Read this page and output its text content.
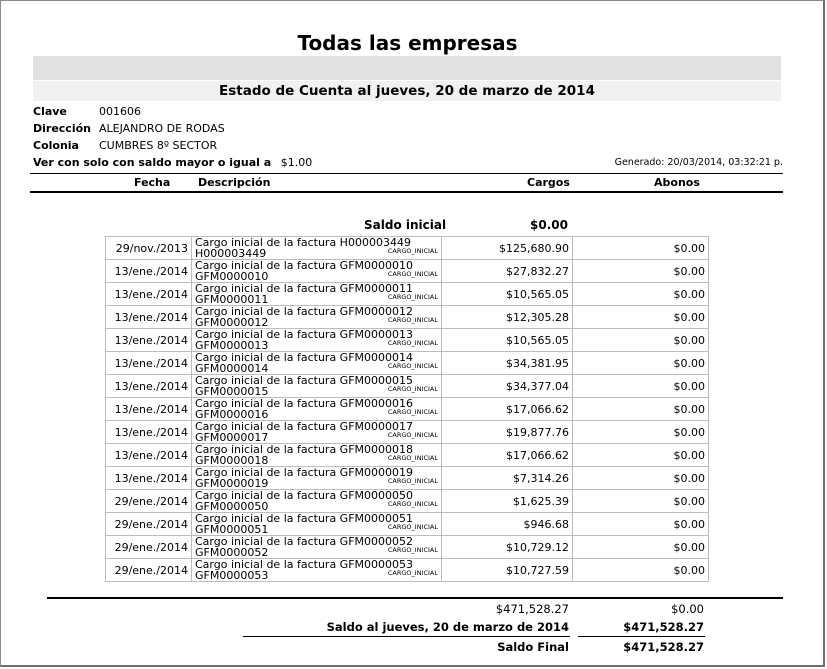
Todas las empresas
Estado de Cuenta al jueves, 20 de marzo de 2014
Clave	001606
Dirección ALEJANDRO DE RODAS
Colonia CUMBRES 8º SECTOR
Ver con solo con saldo mayor o igual a $1.00	Generado: 20/03/2014, 03:32:21 p.
Fecha	Descripción	Cargos	Abonos
Saldo inicial	$0.00
29/nov./2013	Cargo inicial de la factura H000003449
H000003449 CARGO_INICIAL	$125,680.90	$0.00
13/ene./2014	Cargo inicial de la factura GFM0000010
GFM0000010 CARGO_INICIAL	$27,832.27	$0.00
13/ene./2014	Cargo inicial de la factura GFM0000011
GFM0000011 CARGO_INICIAL	$10,565.05	$0.00
13/ene./2014	Cargo inicial de la factura GFM0000012
GFM0000012 CARGO_INICIAL	$12,305.28	$0.00
13/ene./2014	Cargo inicial de la factura GFM0000013
GFM0000013 CARGO_INICIAL	$10,565.05	$0.00
13/ene./2014	Cargo inicial de la factura GFM0000014
GFM0000014 CARGO_INICIAL	$34,381.95	$0.00
13/ene./2014	Cargo inicial de la factura GFM0000015
GFM0000015 CARGO_INICIAL	$34,377.04	$0.00
13/ene./2014	Cargo inicial de la factura GFM0000016
GFM0000016 CARGO_INICIAL	$17,066.62	$0.00
13/ene./2014	Cargo inicial de la factura GFM0000017
GFM0000017 CARGO_INICIAL	$19,877.76	$0.00
13/ene./2014	Cargo inicial de la factura GFM0000018
GFM0000018 CARGO_INICIAL	$17,066.62	$0.00
13/ene./2014	Cargo inicial de la factura GFM0000019
GFM0000019 CARGO_INICIAL	$7,314.26	$0.00
29/ene./2014	Cargo inicial de la factura GFM0000050
GFM0000050 CARGO_INICIAL	$1,625.39	$0.00
29/ene./2014	Cargo inicial de la factura GFM0000051
GFM0000051 CARGO_INICIAL	$946.68	$0.00
29/ene./2014	Cargo inicial de la factura GFM0000052
GFM0000052 CARGO_INICIAL	$10,729.12	$0.00
29/ene./2014	Cargo inicial de la factura GFM0000053
GFM0000053 CARGO_INICIAL	$10,727.59	$0.00
$471,528.27	$0.00
Saldo al jueves, 20 de marzo de 2014	$471,528.27
Saldo Final	$471,528.27
